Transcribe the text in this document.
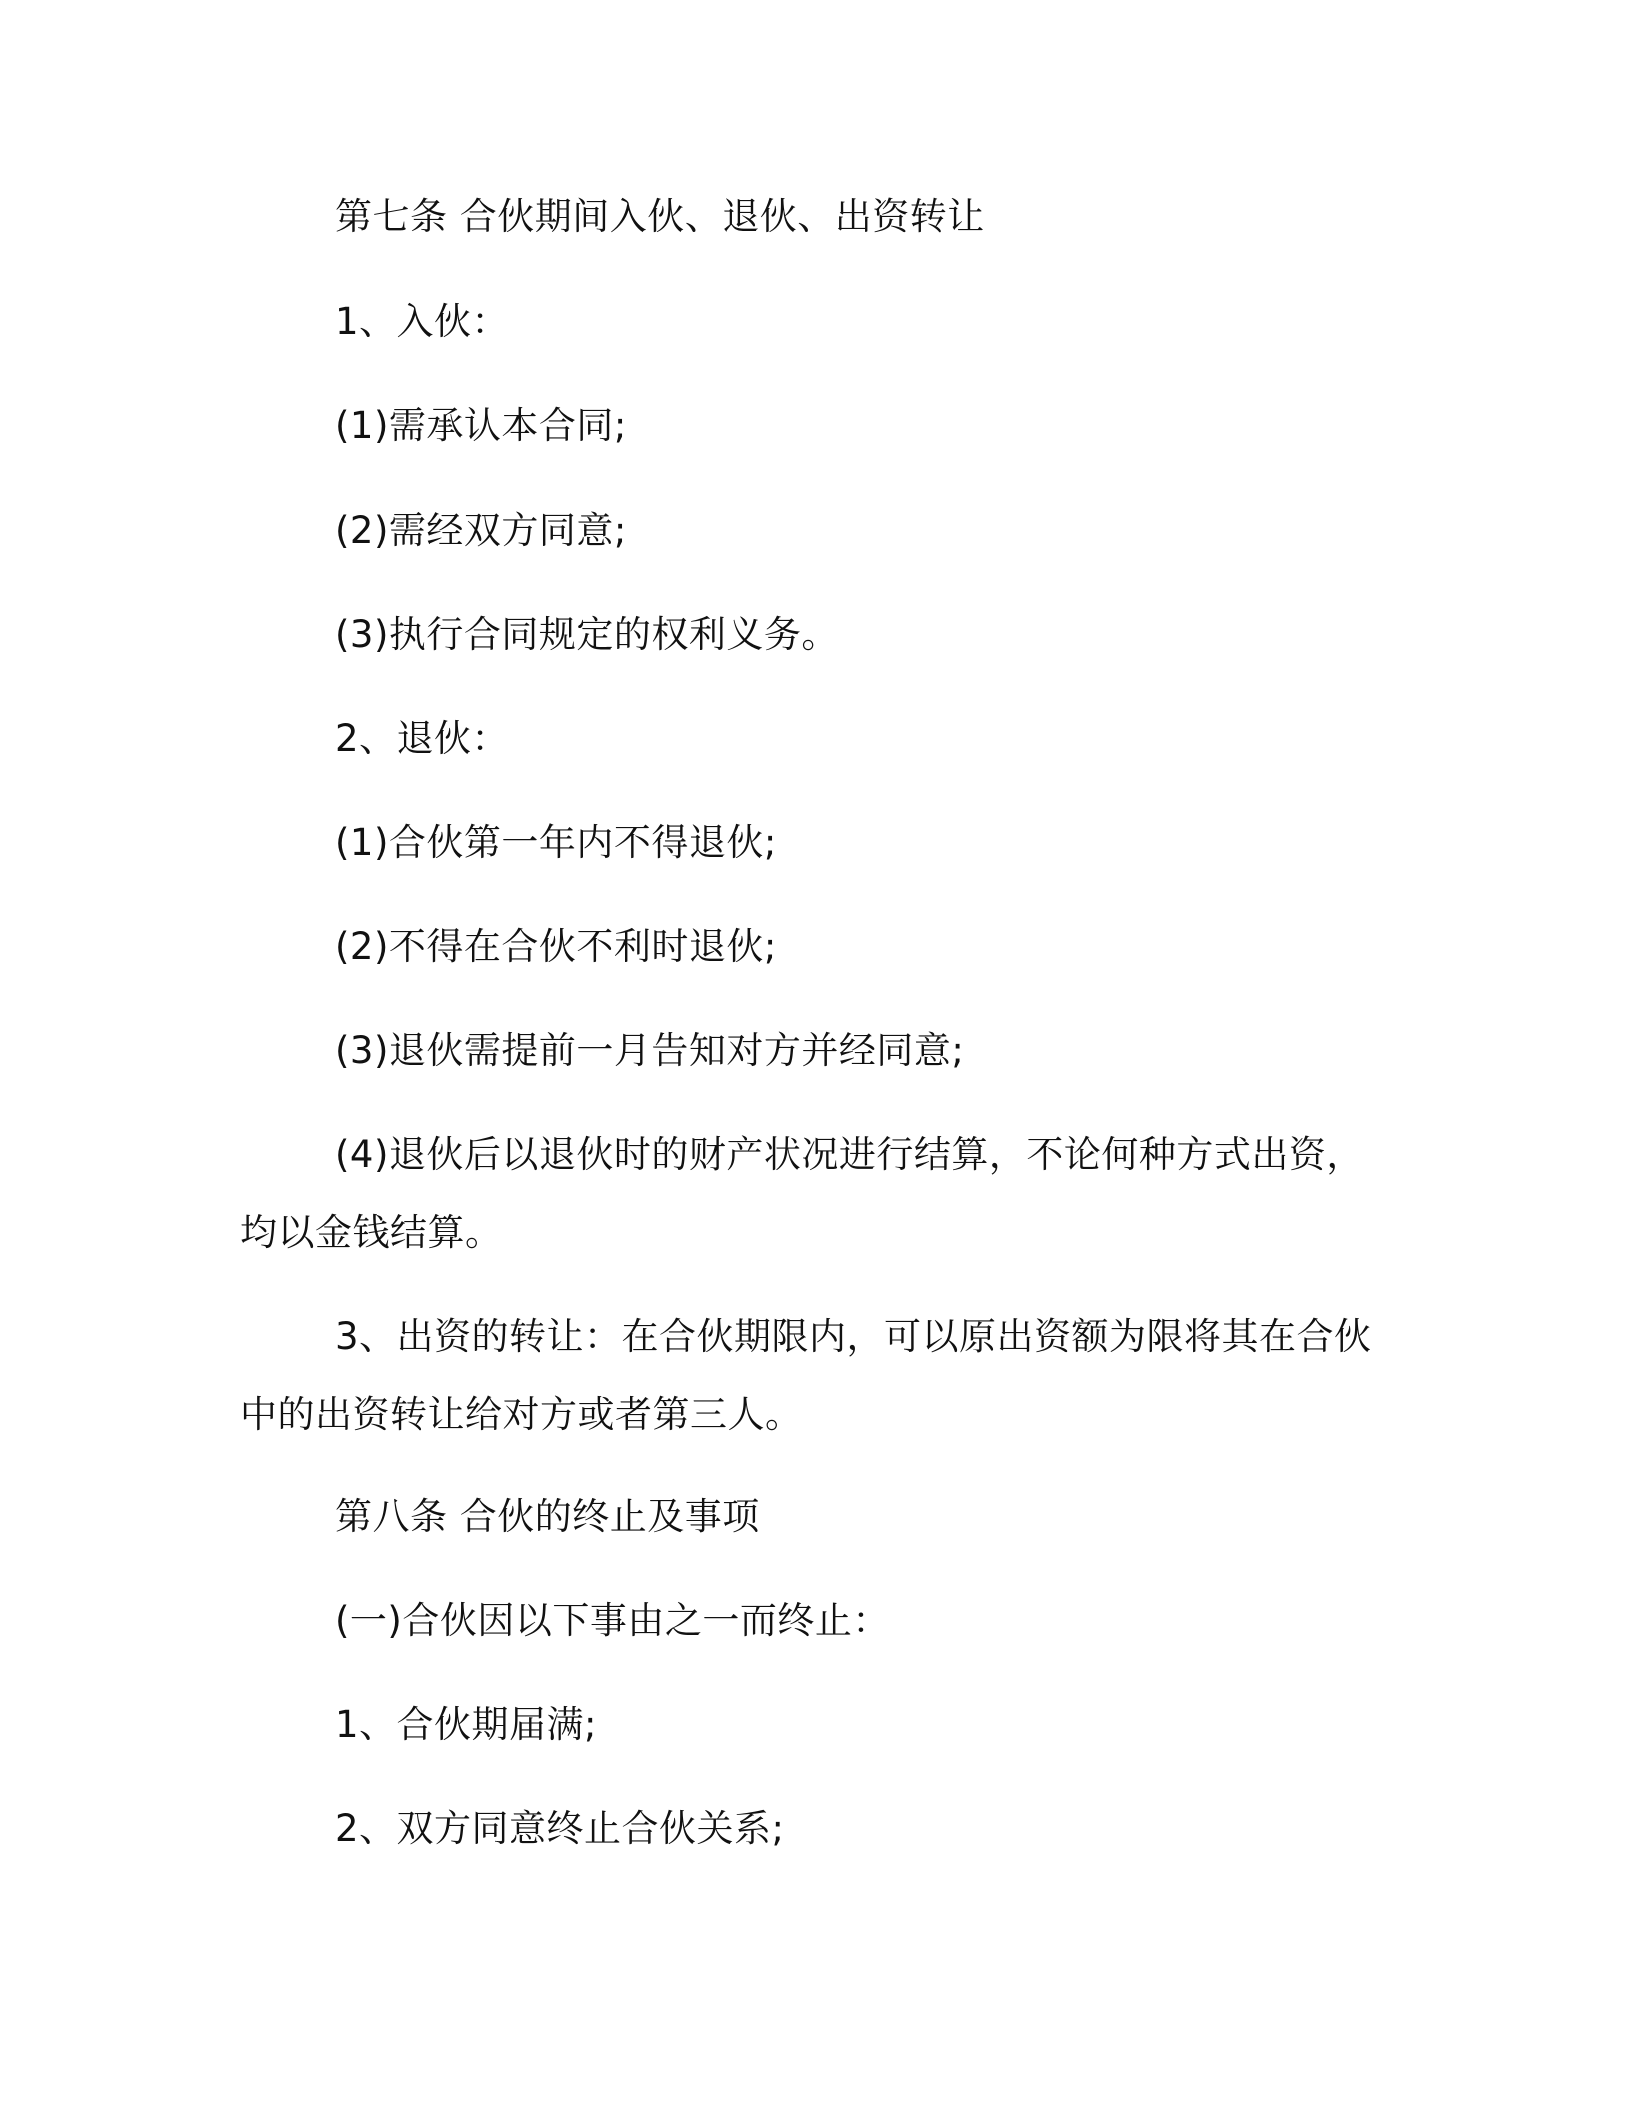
第七条 合伙期间入伙、退伙、出资转让

1、入伙：

(1)需承认本合同;

(2)需经双方同意;

(3)执行合同规定的权利义务。

2、退伙：

(1)合伙第一年内不得退伙;

(2)不得在合伙不利时退伙;

(3)退伙需提前一月告知对方并经同意;

(4)退伙后以退伙时的财产状况进行结算，不论何种方式出资，均以金钱结算。

3、出资的转让：在合伙期限内，可以原出资额为限将其在合伙中的出资转让给对方或者第三人。

第八条 合伙的终止及事项

(一)合伙因以下事由之一而终止：

1、合伙期届满;

2、双方同意终止合伙关系;
